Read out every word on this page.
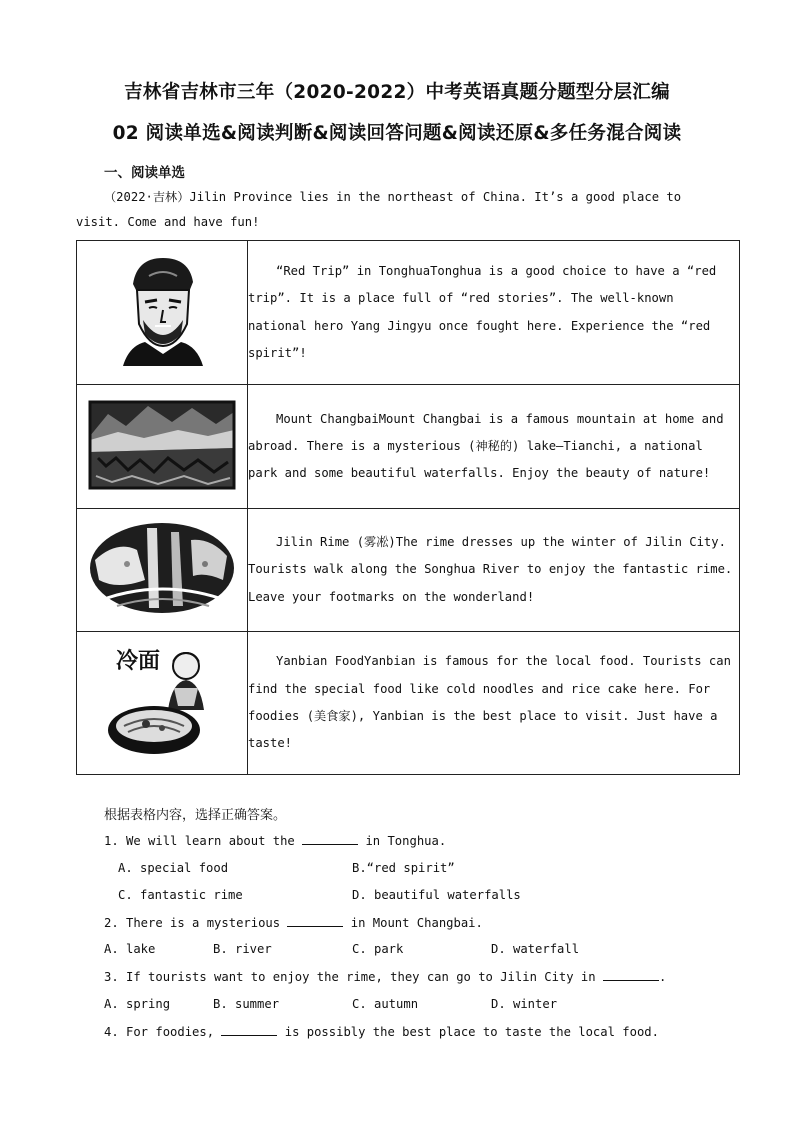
吉林省吉林市三年（2020-2022）中考英语真题分题型分层汇编
02 阅读单选&阅读判断&阅读回答问题&阅读还原&多任务混合阅读
一、阅读单选
（2022·吉林）Jilin Province lies in the northeast of China. It’s a good place to
visit. Come and have fun!

“Red Trip” in TonghuaTonghua is a good choice to have a “red
trip”. It is a place full of “red stories”. The well-known
national hero Yang Jingyu once fought here. Experience the “red
spirit”!

Mount ChangbaiMount Changbai is a famous mountain at home and
abroad. There is a mysterious (神秘的) lake—Tianchi, a national
park and some beautiful waterfalls. Enjoy the beauty of nature!

Jilin Rime (雾凇)The rime dresses up the winter of Jilin City.
Tourists walk along the Songhua River to enjoy the fantastic rime.
Leave your footmarks on the wonderland!

冷面	Yanbian FoodYanbian is famous for the local food. Tourists can
find the special food like cold noodles and rice cake here. For
foodies (美食家), Yanbian is the best place to visit. Just have a
taste!
根据表格内容，选择正确答案。
1. We will learn about the	in Tonghua.
A. special food	B.“red spirit”
C. fantastic rime	D. beautiful waterfalls
2. There is a mysterious	in Mount Changbai.
A. lake	B. river	C. park	D. waterfall
3. If tourists want to enjoy the rime, they can go to Jilin City in	.
A. spring	B. summer	C. autumn	D. winter
4. For foodies,	is possibly the best place to taste the local food.
